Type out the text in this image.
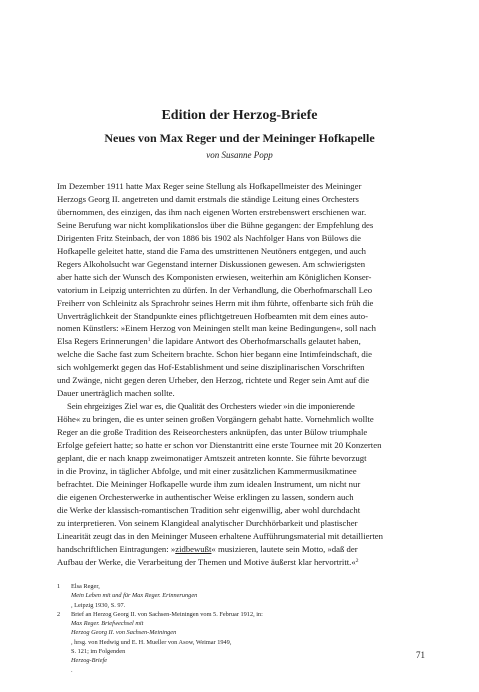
Edition der Herzog-Briefe
Neues von Max Reger und der Meininger Hofkapelle

von Susanne Popp

Im Dezember 1911 hatte Max Reger seine Stellung als Hofkapellmeister des Meininger
Herzogs Georg II. angetreten und damit erstmals die ständige Leitung eines Orchesters
übernommen, des einzigen, das ihm nach eigenen Worten erstrebenswert erschienen war.
Seine Berufung war nicht komplikationslos über die Bühne gegangen: der Empfehlung des
Dirigenten Fritz Steinbach, der von 1886 bis 1902 als Nachfolger Hans von Bülows die
Hofkapelle geleitet hatte, stand die Fama des umstrittenen Neutöners entgegen, und auch
Regers Alkoholsucht war Gegenstand interner Diskussionen gewesen. Am schwierigsten
aber hatte sich der Wunsch des Komponisten erwiesen, weiterhin am Königlichen Konser-
vatorium in Leipzig unterrichten zu dürfen. In der Verhandlung, die Oberhofmarschall Leo
Freiherr von Schleinitz als Sprachrohr seines Herrn mit ihm führte, offenbarte sich früh die
Unverträglichkeit der Standpunkte eines pflichtgetreuen Hofbeamten mit dem eines auto-
nomen Künstlers: »Einem Herzog von Meiningen stellt man keine Bedingungen«, soll nach
Elsa Regers Erinnerungen$^1$ die lapidare Antwort des Oberhofmarschalls gelautet haben,
welche die Sache fast zum Scheitern brachte. Schon hier begann eine Intimfeindschaft, die
sich wohlgemerkt gegen das Hof-Establishment und seine disziplinarischen Vorschriften
und Zwänge, nicht gegen deren Urheber, den Herzog, richtete und Reger sein Amt auf die
Dauer unerträglich machen sollte.
Sein ehrgeiziges Ziel war es, die Qualität des Orchesters wieder »in die imponierende
Höhe« zu bringen, die es unter seinen großen Vorgängern gehabt hatte. Vornehmlich wollte
Reger an die große Tradition des Reiseorchesters anknüpfen, das unter Bülow triumphale
Erfolge gefeiert hatte; so hatte er schon vor Dienstantritt eine erste Tournee mit 20 Konzerten
geplant, die er nach knapp zweimonatiger Amtszeit antreten konnte. Sie führte bevorzugt
in die Provinz, in täglicher Abfolge, und mit einer zusätzlichen Kammermusikmatinee
befrachtet. Die Meininger Hofkapelle wurde ihm zum idealen Instrument, um nicht nur
die eigenen Orchesterwerke in authentischer Weise erklingen zu lassen, sondern auch
die Werke der klassisch-romantischen Tradition sehr eigenwillig, aber wohl durchdacht
zu interpretieren. Von seinem Klangideal analytischer Durchhörbarkeit und plastischer
Linearität zeugt das in den Meininger Museen erhaltene Aufführungsmaterial mit detaillierten
handschriftlichen Eintragungen: »zidbewußt« musizieren, lautete sein Motto, »daß der
Aufbau der Werke, die Verarbeitung der Themen und Motive äußerst klar hervortritt.«$^2$
1	Elsa Reger,
Mein Leben mit und für Max Reger. Erinnerungen
, Leipzig 1930, S. 97.
2	Brief an Herzog Georg II. von Sachsen-Meiningen vom 5. Februar 1912, in:
Max Reger. Briefwechsel mit
Herzog Georg II. von Sachsen-Meiningen
, hrsg. von Hedwig und E. H. Mueller von Asow, Weimar 1949,
S. 121; im Folgenden
Herzog-Briefe
.
71
